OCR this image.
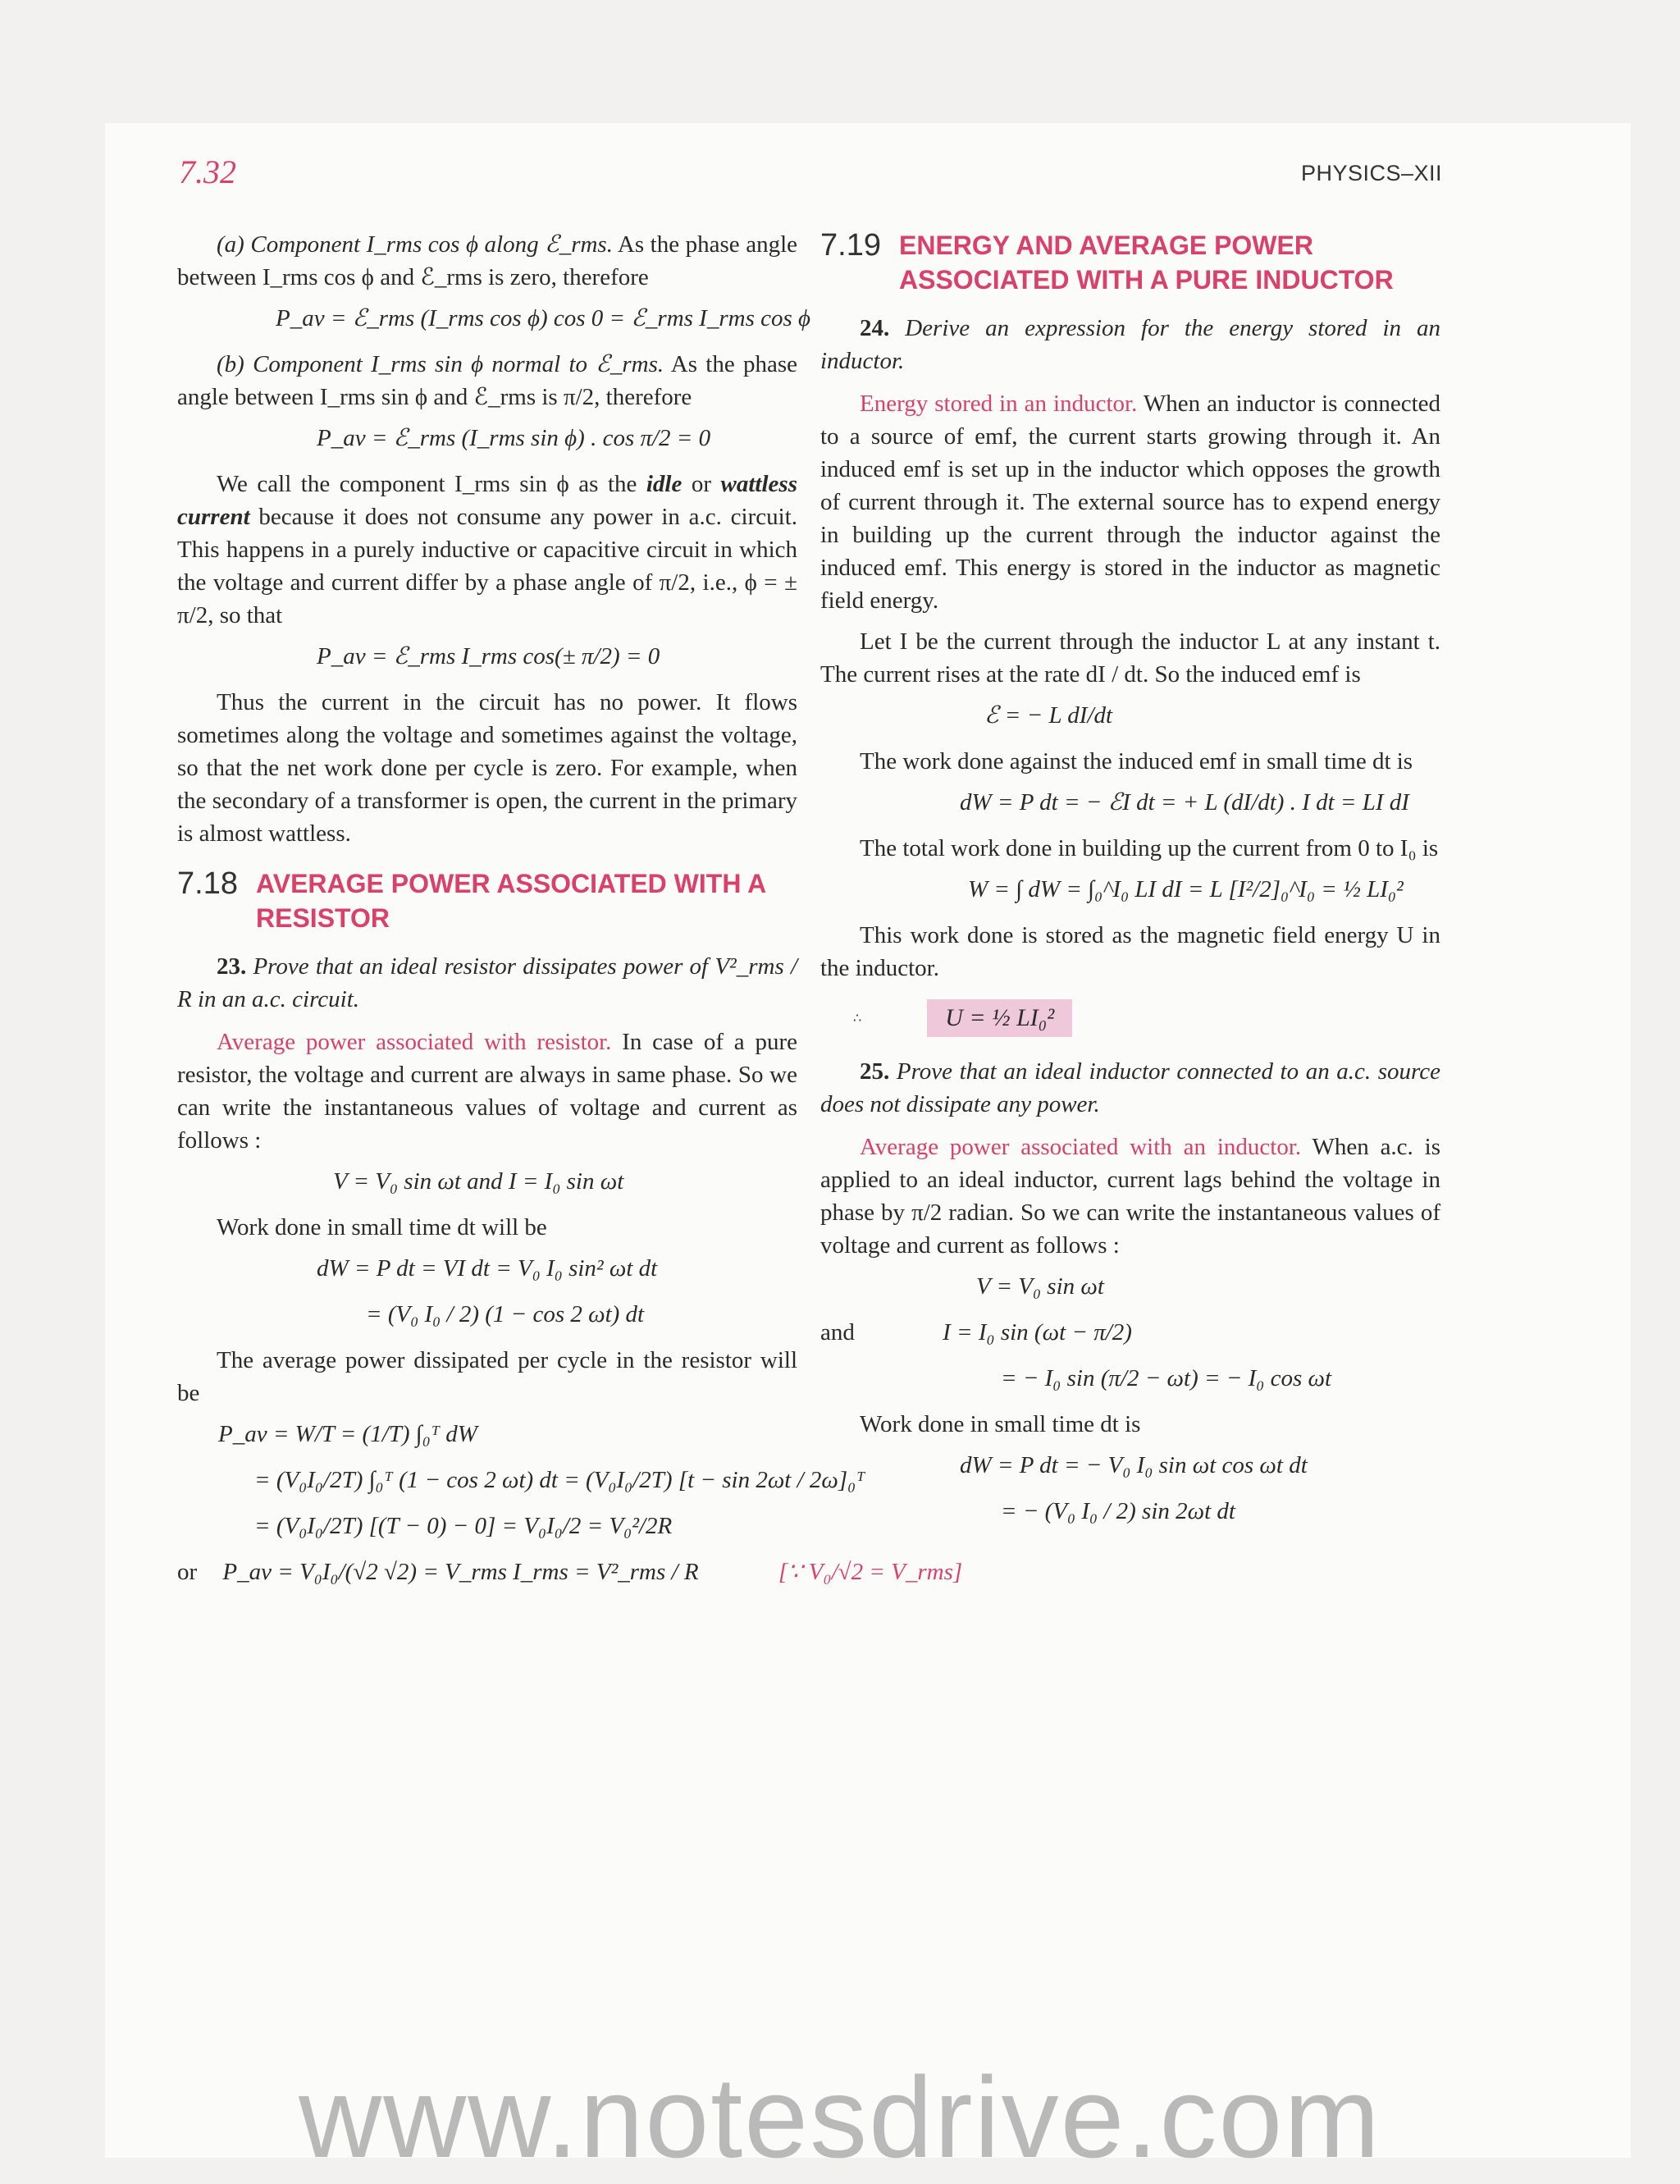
7.32	PHYSICS–XII

(a) Component I_rms cos ϕ along ℰ_rms. As the phase angle between I_rms cos ϕ and ℰ_rms is zero, therefore

P_av = ℰ_rms (I_rms cos ϕ) cos 0 = ℰ_rms I_rms cos ϕ

(b) Component I_rms sin ϕ normal to ℰ_rms. As the phase angle between I_rms sin ϕ and ℰ_rms is π/2, therefore

P_av = ℰ_rms (I_rms sin ϕ) . cos π/2 = 0

We call the component I_rms sin ϕ as the idle or wattless current because it does not consume any power in a.c. circuit. This happens in a purely inductive or capacitive circuit in which the voltage and current differ by a phase angle of π/2, i.e., ϕ = ± π/2, so that

P_av = ℰ_rms I_rms cos(± π/2) = 0

Thus the current in the circuit has no power. It flows sometimes along the voltage and sometimes against the voltage, so that the net work done per cycle is zero. For example, when the secondary of a transformer is open, the current in the primary is almost wattless.

7.18 AVERAGE POWER ASSOCIATED WITH A RESISTOR

23. Prove that an ideal resistor dissipates power of V²_rms / R in an a.c. circuit.

Average power associated with resistor. In case of a pure resistor, the voltage and current are always in same phase. So we can write the instantaneous values of voltage and current as follows :

V = V₀ sin ωt and I = I₀ sin ωt

Work done in small time dt will be

dW = P dt = VI dt = V₀ I₀ sin² ωt dt
= (V₀ I₀ / 2) (1 − cos 2 ωt) dt

The average power dissipated per cycle in the resistor will be

P_av = W/T = (1/T) ∫₀ᵀ dW
= (V₀I₀/2T) ∫₀ᵀ (1 − cos 2 ωt) dt = (V₀I₀/2T) [t − sin 2ωt / 2ω]₀ᵀ
= (V₀I₀/2T) [(T − 0) − 0] = V₀I₀/2 = V₀²/2R
or P_av = V₀I₀/(√2 √2) = V_rms I_rms = V²_rms / R	[∵ V₀/√2 = V_rms]
7.19 ENERGY AND AVERAGE POWER ASSOCIATED WITH A PURE INDUCTOR

24. Derive an expression for the energy stored in an inductor.

Energy stored in an inductor. When an inductor is connected to a source of emf, the current starts growing through it. An induced emf is set up in the inductor which opposes the growth of current through it. The external source has to expend energy in building up the current through the inductor against the induced emf. This energy is stored in the inductor as magnetic field energy.

Let I be the current through the inductor L at any instant t. The current rises at the rate dI / dt. So the induced emf is

ℰ = − L dI/dt

The work done against the induced emf in small time dt is

dW = P dt = − ℰI dt = + L (dI/dt) . I dt = LI dI

The total work done in building up the current from 0 to I₀ is

W = ∫ dW = ∫₀^I₀ LI dI = L [I²/2]₀^I₀ = ½ LI₀²

This work done is stored as the magnetic field energy U in the inductor.

∴	U = ½ LI₀²

25. Prove that an ideal inductor connected to an a.c. source does not dissipate any power.

Average power associated with an inductor. When a.c. is applied to an ideal inductor, current lags behind the voltage in phase by π/2 radian. So we can write the instantaneous values of voltage and current as follows :

V = V₀ sin ωt
and	I = I₀ sin (ωt − π/2)
= − I₀ sin (π/2 − ωt) = − I₀ cos ωt

Work done in small time dt is

dW = P dt = − V₀ I₀ sin ωt cos ωt dt
= − (V₀ I₀ / 2) sin 2ωt dt
www.notesdrive.com
